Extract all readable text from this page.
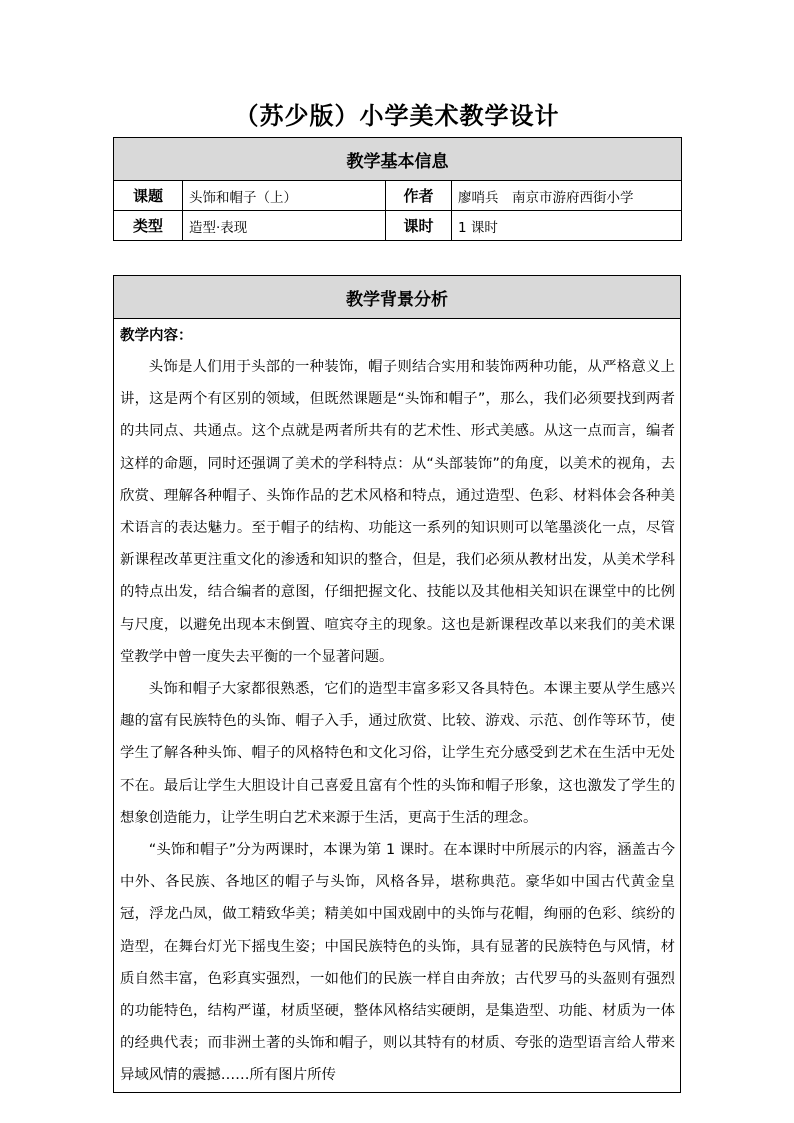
（苏少版）小学美术教学设计
教学基本信息			
课题	头饰和帽子（上）	作者	廖哨兵　南京市游府西街小学
类型	造型·表现	课时	1 课时
教学背景分析

教学内容：

头饰是人们用于头部的一种装饰，帽子则结合实用和装饰两种功能，从严格意义上讲，这是两个有区别的领域，但既然课题是“头饰和帽子”，那么，我们必须要找到两者的共同点、共通点。这个点就是两者所共有的艺术性、形式美感。从这一点而言，编者这样的命题，同时还强调了美术的学科特点：从“头部装饰”的角度，以美术的视角，去欣赏、理解各种帽子、头饰作品的艺术风格和特点，通过造型、色彩、材料体会各种美术语言的表达魅力。至于帽子的结构、功能这一系列的知识则可以笔墨淡化一点，尽管新课程改革更注重文化的渗透和知识的整合，但是，我们必须从教材出发，从美术学科的特点出发，结合编者的意图，仔细把握文化、技能以及其他相关知识在课堂中的比例与尺度，以避免出现本末倒置、喧宾夺主的现象。这也是新课程改革以来我们的美术课堂教学中曾一度失去平衡的一个显著问题。

头饰和帽子大家都很熟悉，它们的造型丰富多彩又各具特色。本课主要从学生感兴趣的富有民族特色的头饰、帽子入手，通过欣赏、比较、游戏、示范、创作等环节，使学生了解各种头饰、帽子的风格特色和文化习俗，让学生充分感受到艺术在生活中无处不在。最后让学生大胆设计自己喜爱且富有个性的头饰和帽子形象，这也激发了学生的想象创造能力，让学生明白艺术来源于生活，更高于生活的理念。

“头饰和帽子”分为两课时，本课为第 1 课时。在本课时中所展示的内容，涵盖古今中外、各民族、各地区的帽子与头饰，风格各异，堪称典范。豪华如中国古代黄金皇冠，浮龙凸凤，做工精致华美；精美如中国戏剧中的头饰与花帽，绚丽的色彩、缤纷的造型，在舞台灯光下摇曳生姿；中国民族特色的头饰，具有显著的民族特色与风情，材质自然丰富，色彩真实强烈，一如他们的民族一样自由奔放；古代罗马的头盔则有强烈的功能特色，结构严谨，材质坚硬，整体风格结实硬朗，是集造型、功能、材质为一体的经典代表；而非洲土著的头饰和帽子，则以其特有的材质、夸张的造型语言给人带来异域风情的震撼……所有图片所传
